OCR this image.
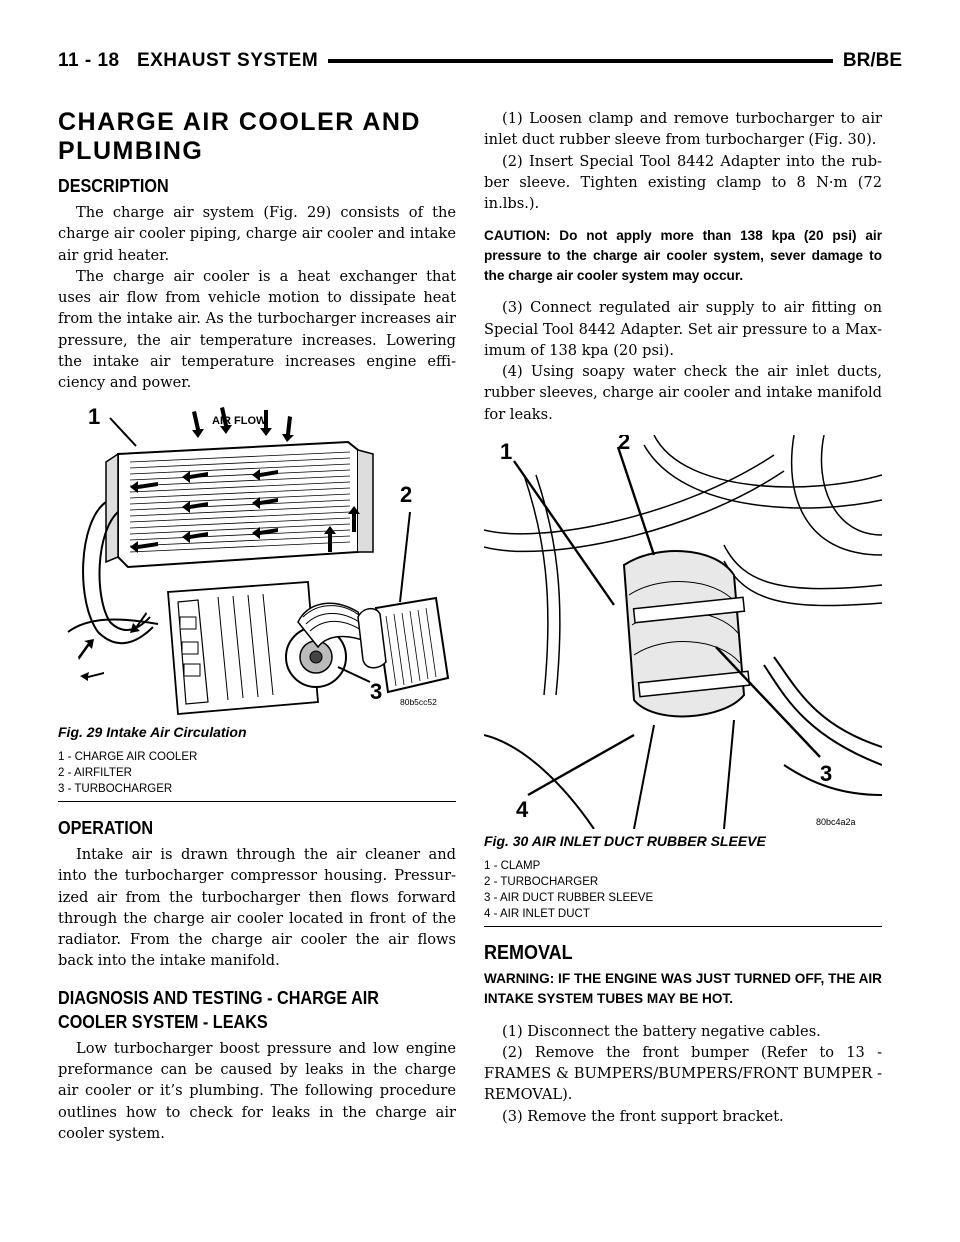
11 - 18 EXHAUST SYSTEM	BR/BE
CHARGE AIR COOLER AND PLUMBING
DESCRIPTION

The charge air system (Fig. 29) consists of the charge air cooler piping, charge air cooler and intake air grid heater.

The charge air cooler is a heat exchanger that uses air flow from vehicle motion to dissipate heat from the intake air. As the turbocharger increases air pressure, the air temperature increases. Lowering the intake air temperature increases engine efficiency and power.

1
2
3
AIR FLOW
80b5cc52

Fig. 29 Intake Air Circulation

1 - CHARGE AIR COOLER

2 - AIRFILTER

3 - TURBOCHARGER

OPERATION

Intake air is drawn through the air cleaner and into the turbocharger compressor housing. Pressurized air from the turbocharger then flows forward through the charge air cooler located in front of the radiator. From the charge air cooler the air flows back into the intake manifold.

DIAGNOSIS AND TESTING - CHARGE AIR
COOLER SYSTEM - LEAKS

Low turbocharger boost pressure and low engine preformance can be caused by leaks in the charge air cooler or it’s plumbing. The following procedure outlines how to check for leaks in the charge air cooler system.

(1) Loosen clamp and remove turbocharger to air inlet duct rubber sleeve from turbocharger (Fig. 30).

(2) Insert Special Tool 8442 Adapter into the rubber sleeve. Tighten existing clamp to 8 N·m (72 in.lbs.).

CAUTION: Do not apply more than 138 kpa (20 psi) air pressure to the charge air cooler system, sever damage to the charge air cooler system may occur.

(3) Connect regulated air supply to air fitting on Special Tool 8442 Adapter. Set air pressure to a Maximum of 138 kpa (20 psi).

(4) Using soapy water check the air inlet ducts, rubber sleeves, charge air cooler and intake manifold for leaks.

1	2
3
4	80bc4a2a

Fig. 30 AIR INLET DUCT RUBBER SLEEVE

1 - CLAMP

2 - TURBOCHARGER

3 - AIR DUCT RUBBER SLEEVE

4 - AIR INLET DUCT

REMOVAL

WARNING: IF THE ENGINE WAS JUST TURNED OFF, THE AIR INTAKE SYSTEM TUBES MAY BE HOT.

(1) Disconnect the battery negative cables.

(2) Remove the front bumper (Refer to 13 - FRAMES & BUMPERS/BUMPERS/FRONT BUMPER - REMOVAL).

(3) Remove the front support bracket.
